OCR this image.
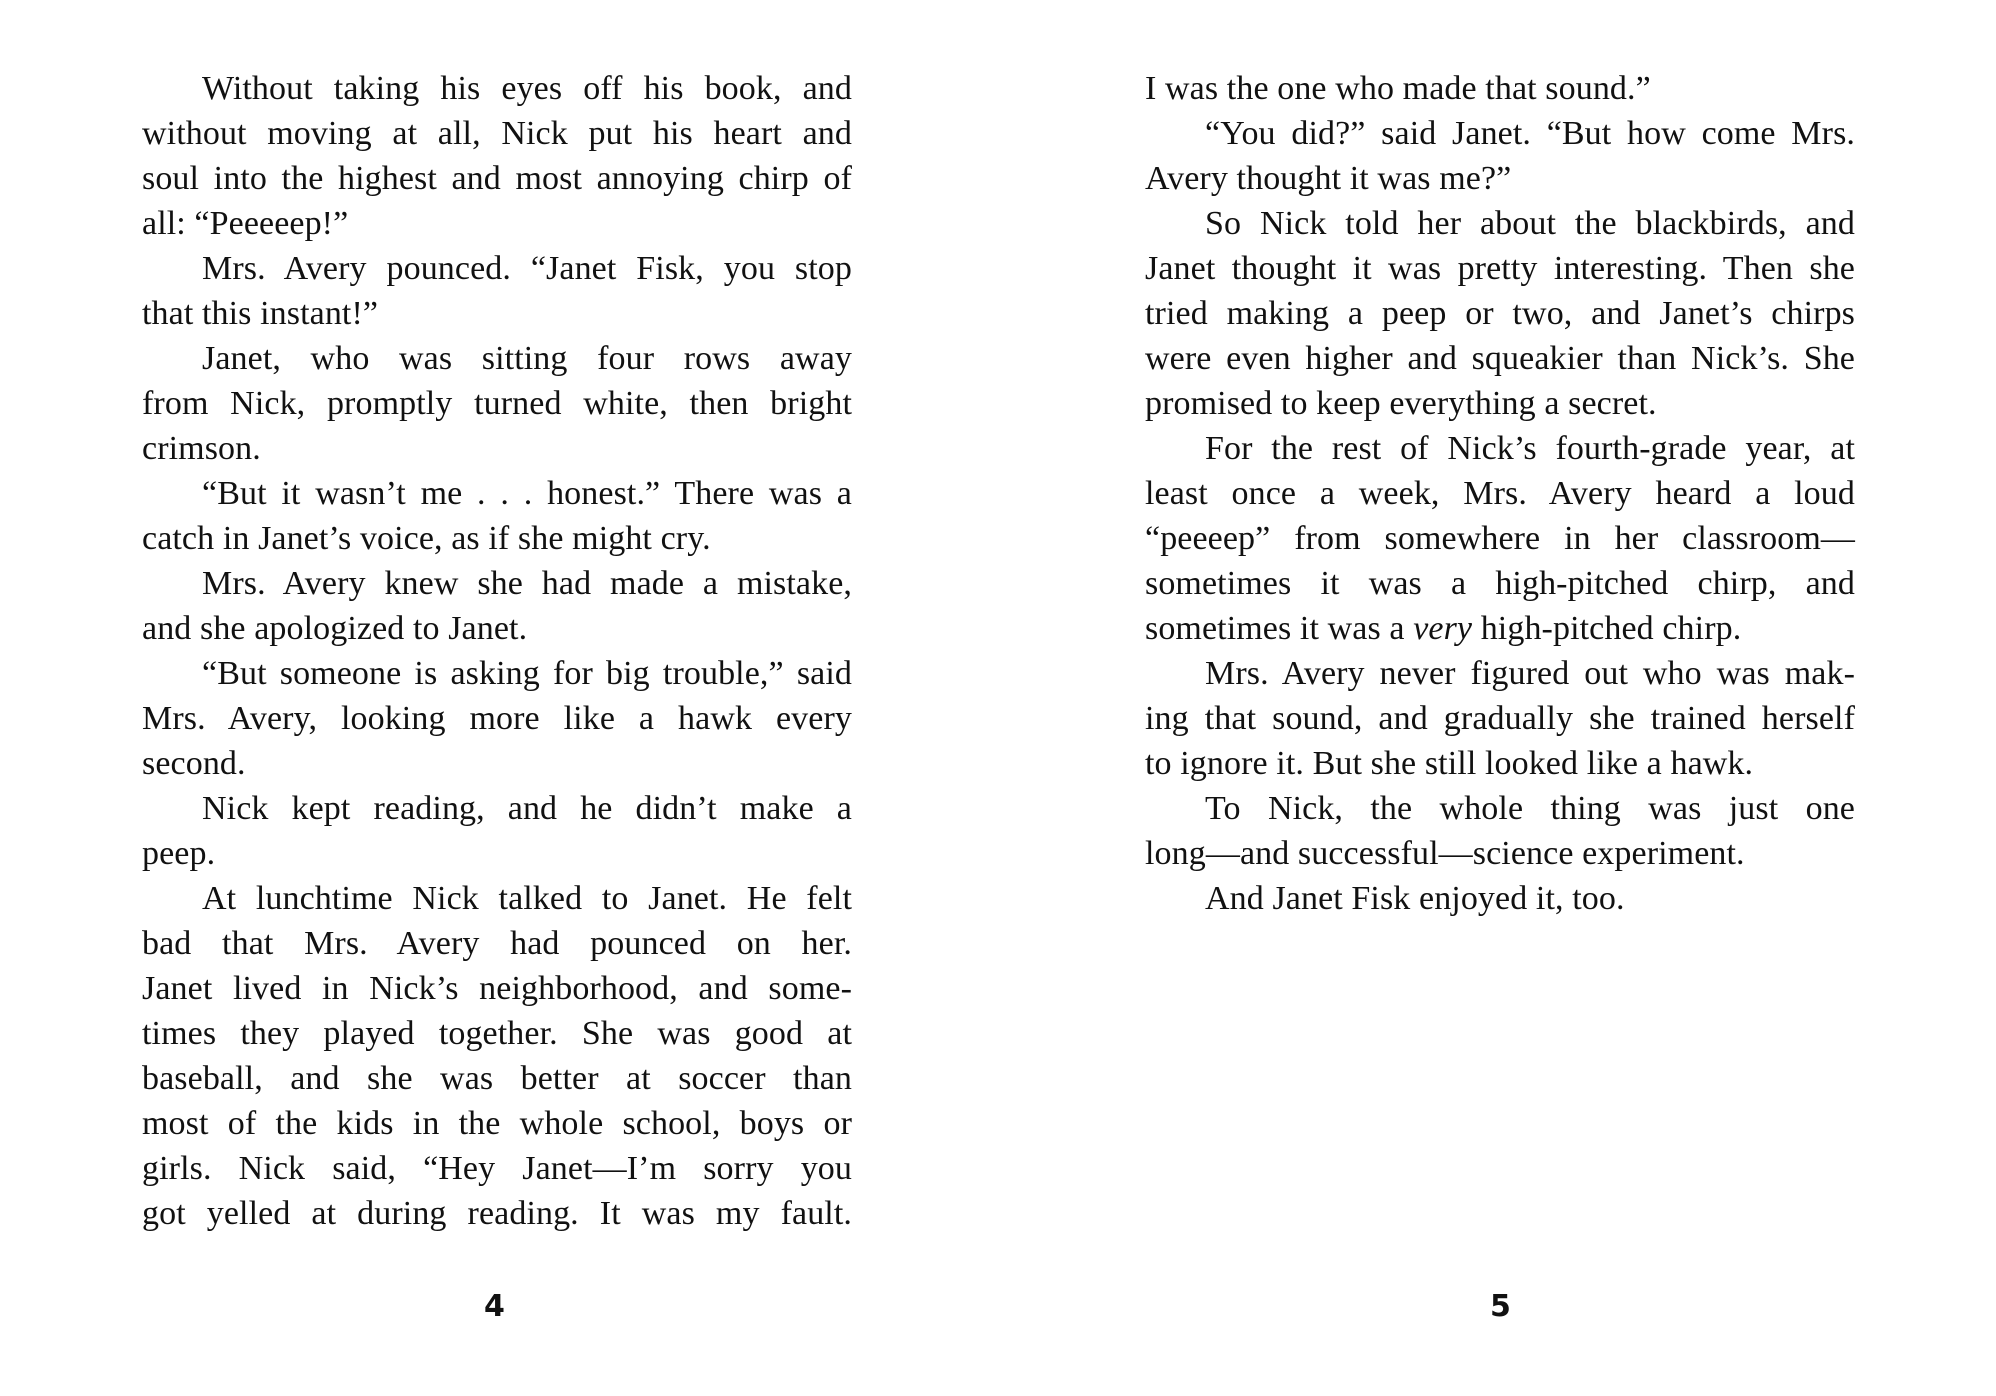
Without taking his eyes off his book, and
without moving at all, Nick put his heart and
soul into the highest and most annoying chirp of
all: “Peeeeep!”
Mrs. Avery pounced. “Janet Fisk, you stop
that this instant!”
Janet, who was sitting four rows away
from Nick, promptly turned white, then bright
crimson.
“But it wasn’t me . . . honest.” There was a
catch in Janet’s voice, as if she might cry.
Mrs. Avery knew she had made a mistake,
and she apologized to Janet.
“But someone is asking for big trouble,” said
Mrs. Avery, looking more like a hawk every
second.
Nick kept reading, and he didn’t make a
peep.
At lunchtime Nick talked to Janet. He felt
bad that Mrs. Avery had pounced on her.
Janet lived in Nick’s neighborhood, and some-
times they played together. She was good at
baseball, and she was better at soccer than
most of the kids in the whole school, boys or
girls. Nick said, “Hey Janet—I’m sorry you
got yelled at during reading. It was my fault.
4
I was the one who made that sound.”
“You did?” said Janet. “But how come Mrs.
Avery thought it was me?”
So Nick told her about the blackbirds, and
Janet thought it was pretty interesting. Then she
tried making a peep or two, and Janet’s chirps
were even higher and squeakier than Nick’s. She
promised to keep everything a secret.
For the rest of Nick’s fourth-grade year, at
least once a week, Mrs. Avery heard a loud
“peeeep” from somewhere in her classroom—
sometimes it was a high-pitched chirp, and
sometimes it was a very high-pitched chirp.
Mrs. Avery never figured out who was mak-
ing that sound, and gradually she trained herself
to ignore it. But she still looked like a hawk.
To Nick, the whole thing was just one
long—and successful—science experiment.
And Janet Fisk enjoyed it, too.
5
